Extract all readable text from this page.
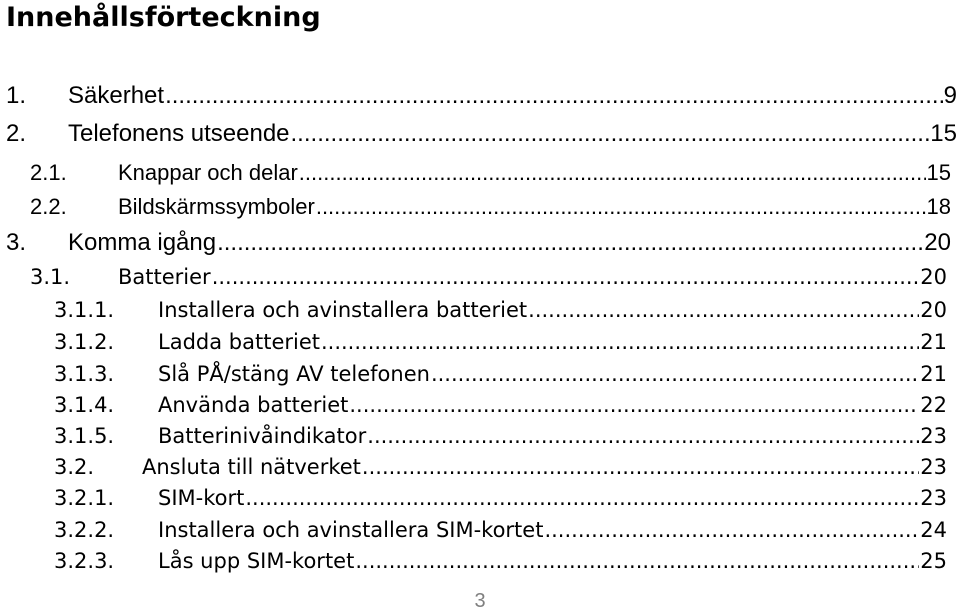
Innehållsförteckning
1.	Säkerhet .....	9
2.	Telefonens utseende .....	15
2.1.	Knappar och delar .....	15
2.2.	Bildskärmssymboler .....	18
3.	Komma igång .....	20
3.1.	Batterier .....	20
3.1.1.	Installera och avinstallera batteriet .....	20
3.1.2.	Ladda batteriet .....	21
3.1.3.	Slå PÅ/stäng AV telefonen .....	21
3.1.4.	Använda batteriet .....	22
3.1.5.	Batterinivåindikator .....	23
3.2.	Ansluta till nätverket .....	23
3.2.1.	SIM-kort .....	23
3.2.2.	Installera och avinstallera SIM-kortet .....	24
3.2.3.	Lås upp SIM-kortet .....	25
3
